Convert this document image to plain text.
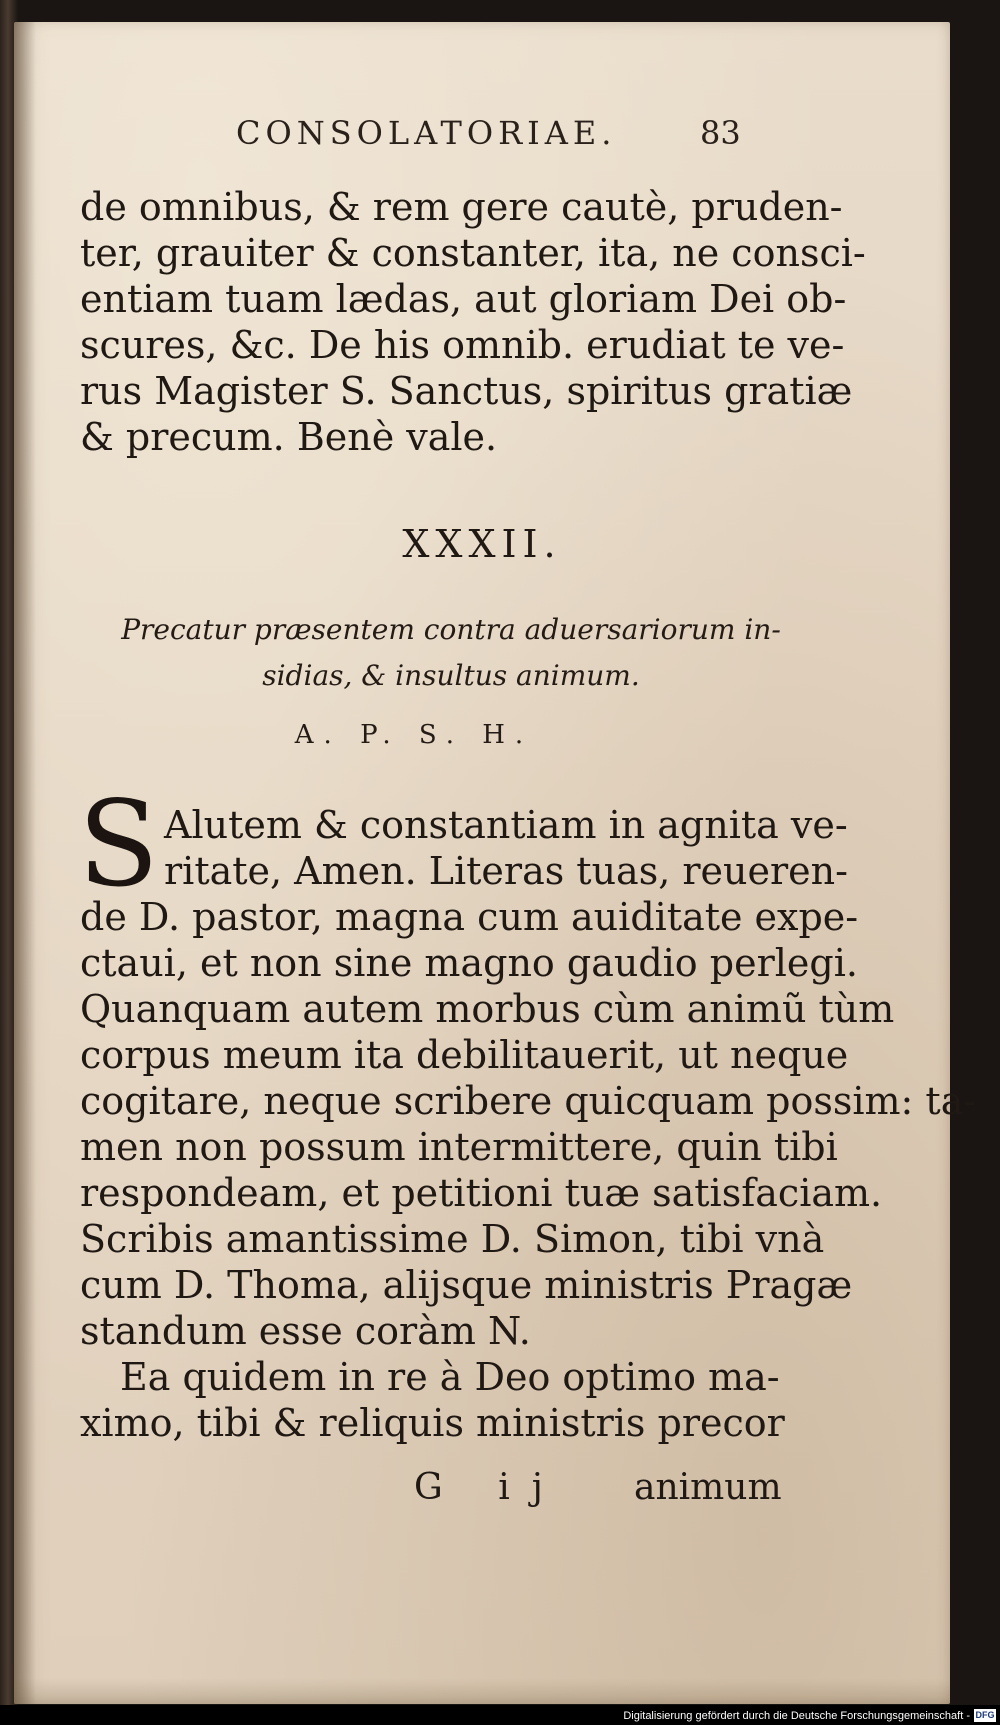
CONSOLATORIAE.	83
de omnibus, & rem gere cautè, pruden-
ter, grauiter & constanter, ita, ne consci-
entiam tuam lædas, aut gloriam Dei ob-
scures, &c. De his omnib. erudiat te ve-
rus Magister S. Sanctus, spiritus gratiæ
& precum. Benè vale.
XXXII.
Precatur præsentem contra aduersariorum in-
sidias, & insultus animum.
A. P. S. H.
S Alutem & constantiam in agnita ve-
ritate, Amen. Literas tuas, reueren-
de D. pastor, magna cum auiditate expe-
ctaui, et non sine magno gaudio perlegi.
Quanquam autem morbus cùm animũ tùm
corpus meum ita debilitauerit, ut neque
cogitare, neque scribere quicquam possim: ta-
men non possum intermittere, quin tibi
respondeam, et petitioni tuæ satisfaciam.
Scribis amantissime D. Simon, tibi vnà
cum D. Thoma, alijsque ministris Pragæ
standum esse coràm N.
Ea quidem in re à Deo optimo ma-
ximo, tibi & reliquis ministris precor
G ij animum
Digitalisierung gefördert durch die Deutsche Forschungsgemeinschaft - DFG
